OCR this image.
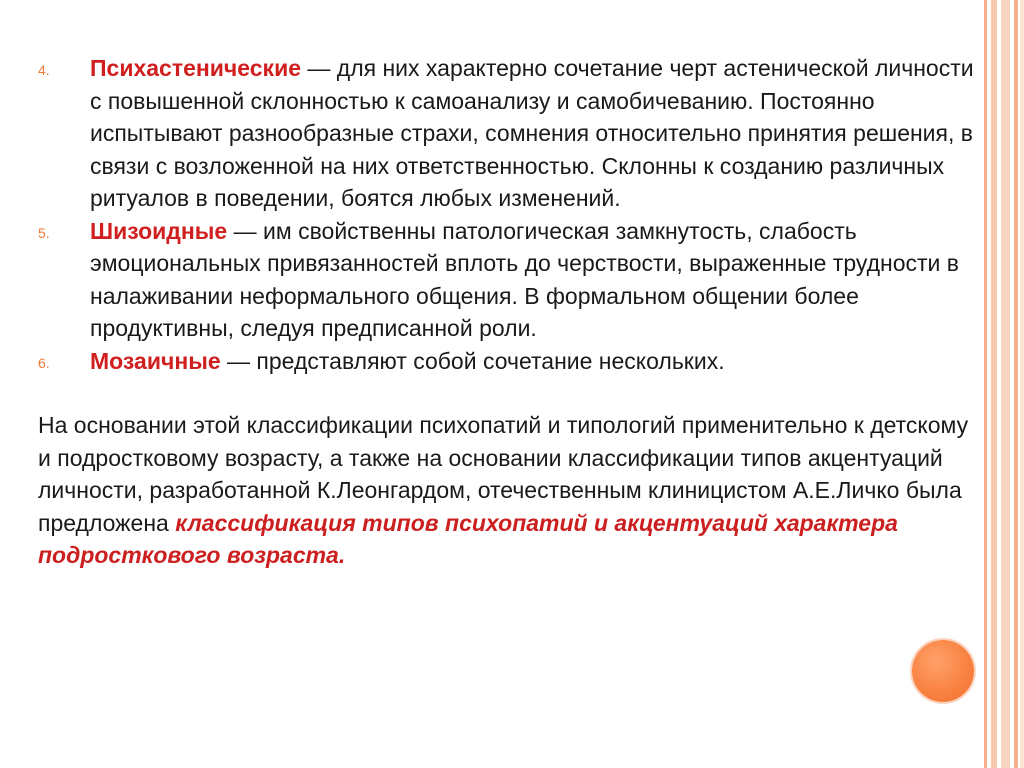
4. Психастенические — для них характерно сочетание черт астенической личности с повышенной склонностью к самоанализу и самобичеванию. Постоянно испытывают разнообразные страхи, сомнения относительно принятия решения, в связи с возложенной на них ответственностью. Склонны к созданию различных ритуалов в поведении, боятся любых изменений.
5. Шизоидные — им свойственны патологическая замкнутость, слабость эмоциональных привязанностей вплоть до черствости, выраженные трудности в налаживании неформального общения. В формальном общении более продуктивны, следуя предписанной роли.
6. Мозаичные — представляют собой сочетание нескольких.

На основании этой классификации психопатий и типологий применительно к детскому и подростковому возрасту, а также на основании классификации типов акцентуаций личности, разработанной К.Леонгардом, отечественным клиницистом А.Е.Личко была предложена классификация типов психопатий и акцентуаций характера подросткового возраста.
